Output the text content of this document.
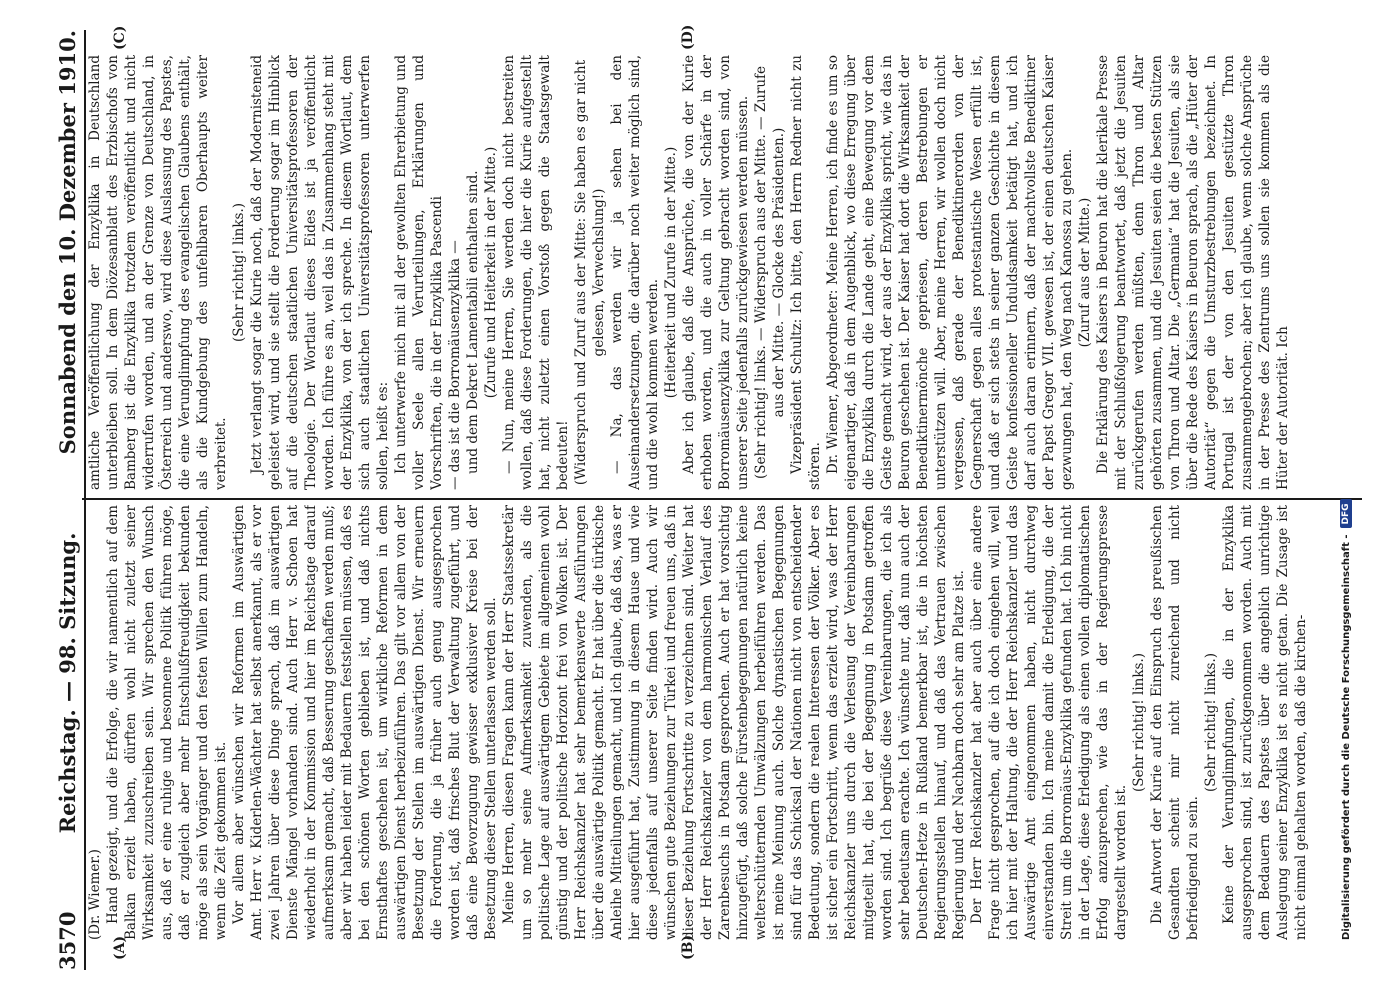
3570
Reichstag. — 98. Sitzung.
Sonnabend den 10. Dezember 1910.
(A)	(B)
(C)	(D)

(Dr. Wiemer.) Hand gezeigt, und die Erfolge, die wir namentlich auf dem Balkan erzielt haben, dürften wohl nicht zuletzt seiner Wirksamkeit zuzuschreiben sein. Wir sprechen den Wunsch aus, daß er eine ruhige und besonnene Politik führen möge, daß er zugleich aber mehr Entschlußfreudigkeit bekunden möge als sein Vorgänger und den festen Willen zum Handeln, wenn die Zeit gekommen ist. Vor allem aber wünschen wir Reformen im Auswärtigen Amt. Herr v. Kiderlen-Wächter hat selbst anerkannt, als er vor zwei Jahren über diese Dinge sprach, daß im auswärtigen Dienste Mängel vorhanden sind. Auch Herr v. Schoen hat wiederholt in der Kommission und hier im Reichstage darauf aufmerksam gemacht, daß Besserung geschaffen werden muß; aber wir haben leider mit Bedauern feststellen müssen, daß es bei den schönen Worten geblieben ist, und daß nichts Ernsthaftes geschehen ist, um wirkliche Reformen in dem auswärtigen Dienst herbeizuführen. Das gilt vor allem von der Besetzung der Stellen im auswärtigen Dienst. Wir erneuern die Forderung, die ja früher auch genug ausgesprochen worden ist, daß frisches Blut der Verwaltung zugeführt, und daß eine Bevorzugung gewisser exklusiver Kreise bei der Besetzung dieser Stellen unterlassen werden soll. Meine Herren, diesen Fragen kann der Herr Staatssekretär um so mehr seine Aufmerksamkeit zuwenden, als die politische Lage auf auswärtigem Gebiete im allgemeinen wohl günstig und der politische Horizont frei von Wolken ist. Der Herr Reichskanzler hat sehr bemerkenswerte Ausführungen über die auswärtige Politik gemacht. Er hat über die türkische Anleihe Mitteilungen gemacht, und ich glaube, daß das, was er hier ausgeführt hat, Zustimmung in diesem Hause und wie diese jedenfalls auf unserer Seite finden wird. Auch wir wünschen gute Beziehungen zur Türkei und freuen uns, daß in dieser Beziehung Fortschritte zu verzeichnen sind. Weiter hat der Herr Reichskanzler von dem harmonischen Verlauf des Zarenbesuchs in Potsdam gesprochen. Auch er hat vorsichtig hinzugefügt, daß solche Fürstenbegegnungen natürlich keine welterschütternden Umwälzungen herbeiführen werden. Das ist meine Meinung auch. Solche dynastischen Begegnungen sind für das Schicksal der Nationen nicht von entscheidender Bedeutung, sondern die realen Interessen der Völker. Aber es ist sicher ein Fortschritt, wenn das erzielt wird, was der Herr Reichskanzler uns durch die Verlesung der Vereinbarungen mitgeteilt hat, die bei der Begegnung in Potsdam getroffen worden sind. Ich begrüße diese Vereinbarungen, die ich als sehr bedeutsam erachte. Ich wünschte nur, daß nun auch der Deutschen-Hetze in Rußland bemerkbar ist, die in höchsten Regierungsstellen hinauf, und daß das Vertrauen zwischen Regierung und der Nachbarn doch sehr am Platze ist. Der Herr Reichskanzler hat aber auch über eine andere Frage nicht gesprochen, auf die ich doch eingehen will, weil ich hier mit der Haltung, die der Herr Reichskanzler und das Auswärtige Amt eingenommen haben, nicht durchweg einverstanden bin. Ich meine damit die Erledigung, die der Streit um die Borromäus-Enzyklika gefunden hat. Ich bin nicht in der Lage, diese Erledigung als einen vollen diplomatischen Erfolg anzusprechen, wie das in der Regierungspresse dargestellt worden ist.

(Sehr richtig! links.) Die Antwort der Kurie auf den Einspruch des preußischen Gesandten scheint mir nicht zureichend und nicht befriedigend zu sein.

(Sehr richtig! links.) Keine der Verunglimpfungen, die in der Enzyklika ausgesprochen sind, ist zurückgenommen worden. Auch mit dem Bedauern des Papstes über die angeblich unrichtige Auslegung seiner Enzyklika ist es nicht getan. Die Zusage ist nicht einmal gehalten worden, daß die kirchen-

amtliche Veröffentlichung der Enzyklika in Deutschland unterbleiben soll. In dem Diözesanblatt des Erzbischofs von Bamberg ist die Enzyklika trotzdem veröffentlicht und nicht widerrufen worden, und an der Grenze von Deutschland, in Österreich und anderswo, wird diese Auslassung des Papstes, die eine Verunglimpfung des evangelischen Glaubens enthält, als die Kundgebung des unfehlbaren Oberhaupts weiter verbreitet.

(Sehr richtig! links.) Jetzt verlangt sogar die Kurie noch, daß der Modernisteneid geleistet wird, und sie stellt die Forderung sogar im Hinblick auf die deutschen staatlichen Universitätsprofessoren der Theologie. Der Wortlaut dieses Eides ist ja veröffentlicht worden. Ich führe es an, weil das in Zusammenhang steht mit der Enzyklika, von der ich spreche. In diesem Wortlaut, dem sich auch staatlichen Universitätsprofessoren unterwerfen sollen, heißt es: Ich unterwerfe mich mit all der gewollten Ehrerbietung und voller Seele allen Verurteilungen, Erklärungen und Vorschriften, die in der Enzyklika Pascendi — das ist die Borromäusenzyklika — und dem Dekret Lamentabili enthalten sind. (Zurufe und Heiterkeit in der Mitte.) — Nun, meine Herren, Sie werden doch nicht bestreiten wollen, daß diese Forderungen, die hier die Kurie aufgestellt hat, nicht zuletzt einen Vorstoß gegen die Staatsgewalt bedeuten! (Widerspruch und Zuruf aus der Mitte: Sie haben es gar nicht gelesen, Verwechslung!) — Na, das werden wir ja sehen bei den Auseinandersetzungen, die darüber noch weiter möglich sind, und die wohl kommen werden. (Heiterkeit und Zurufe in der Mitte.) Aber ich glaube, daß die Ansprüche, die von der Kurie erhoben worden, und die auch in voller Schärfe in der Borromäusenzyklika zur Geltung gebracht worden sind, von unserer Seite jedenfalls zurückgewiesen werden müssen. (Sehr richtig! links. — Widerspruch aus der Mitte. — Zurufe aus der Mitte. — Glocke des Präsidenten.) Vizepräsident Schultz: Ich bitte, den Herrn Redner nicht zu stören. Dr. Wiemer, Abgeordneter: Meine Herren, ich finde es um so eigenartiger, daß in dem Augenblick, wo diese Erregung über die Enzyklika durch die Lande geht, eine Bewegung vor dem Geiste gemacht wird, der aus der Enzyklika spricht, wie das in Beuron geschehen ist. Der Kaiser hat dort die Wirksamkeit der Benediktinermönche gepriesen, deren Bestrebungen er unterstützen will. Aber, meine Herren, wir wollen doch nicht vergessen, daß gerade der Benediktinerorden von der Gegnerschaft gegen alles protestantische Wesen erfüllt ist, und daß er sich stets in seiner ganzen Geschichte in diesem Geiste konfessioneller Unduldsamkeit betätigt hat, und ich darf auch daran erinnern, daß der machtvollste Benediktiner der Papst Gregor VII. gewesen ist, der einen deutschen Kaiser gezwungen hat, den Weg nach Kanossa zu gehen. (Zuruf aus der Mitte.) Die Erklärung des Kaisers in Beuron hat die klerikale Presse mit der Schlußfolgerung beantwortet, daß jetzt die Jesuiten zurückgerufen werden müßten, denn Thron und Altar gehörten zusammen, und die Jesuiten seien die besten Stützen von Thron und Altar. Die „Germania“ hat die Jesuiten, als sie über die Rede des Kaisers in Beuron sprach, als die „Hüter der Autorität“ gegen die Umsturzbestrebungen bezeichnet. In Portugal ist der von den Jesuiten gestützte Thron zusammengebrochen; aber ich glaube, wenn solche Ansprüche in der Presse des Zentrums uns sollen sie kommen als die Hüter der Autorität. Ich

Digitalisierung gefördert durch die Deutsche Forschungsgemeinschaft -
DFG
